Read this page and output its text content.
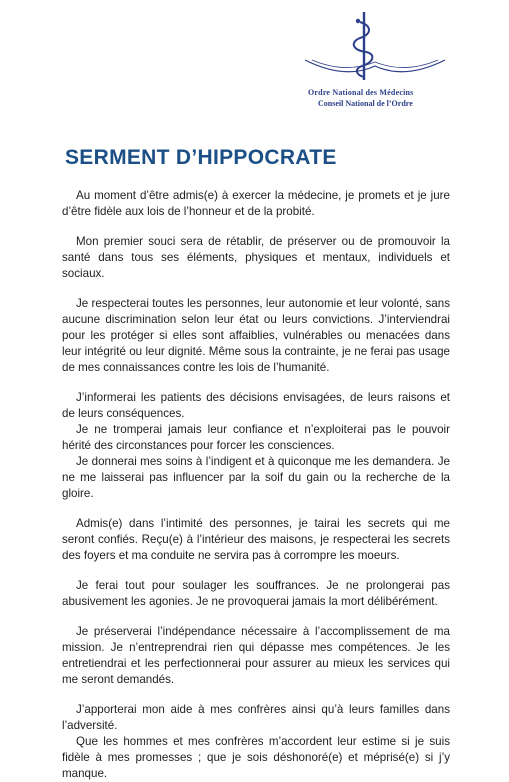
Ordre National des Médecins
Conseil National de l’Ordre
SERMENT D’HIPPOCRATE

Au moment d’être admis(e) à exercer la médecine, je promets et je jure d’être fidèle aux lois de l’honneur et de la probité.

Mon premier souci sera de rétablir, de préserver ou de promouvoir la santé dans tous ses éléments, physiques et mentaux, individuels et sociaux.

Je respecterai toutes les personnes, leur autonomie et leur volonté, sans aucune discrimination selon leur état ou leurs convictions. J’interviendrai pour les protéger si elles sont affaiblies, vulnérables ou menacées dans leur intégrité ou leur dignité. Même sous la contrainte, je ne ferai pas usage de mes connaissances contre les lois de l’humanité.

J’informerai les patients des décisions envisagées, de leurs raisons et de leurs conséquences.

Je ne tromperai jamais leur confiance et n’exploiterai pas le pouvoir hérité des circonstances pour forcer les consciences.

Je donnerai mes soins à l’indigent et à quiconque me les demandera. Je ne me laisserai pas influencer par la soif du gain ou la recherche de la gloire.

Admis(e) dans l’intimité des personnes, je tairai les secrets qui me seront confiés. Reçu(e) à l’intérieur des maisons, je respecterai les secrets des foyers et ma conduite ne servira pas à corrompre les moeurs.

Je ferai tout pour soulager les souffrances. Je ne prolongerai pas abusivement les agonies. Je ne provoquerai jamais la mort délibérément.

Je préserverai l’indépendance nécessaire à l’accomplissement de ma mission. Je n’entreprendrai rien qui dépasse mes compétences. Je les entretiendrai et les perfectionnerai pour assurer au mieux les services qui me seront demandés.

J’apporterai mon aide à mes confrères ainsi qu’à leurs familles dans l’adversité.

Que les hommes et mes confrères m’accordent leur estime si je suis fidèle à mes promesses ; que je sois déshonoré(e) et méprisé(e) si j’y manque.
